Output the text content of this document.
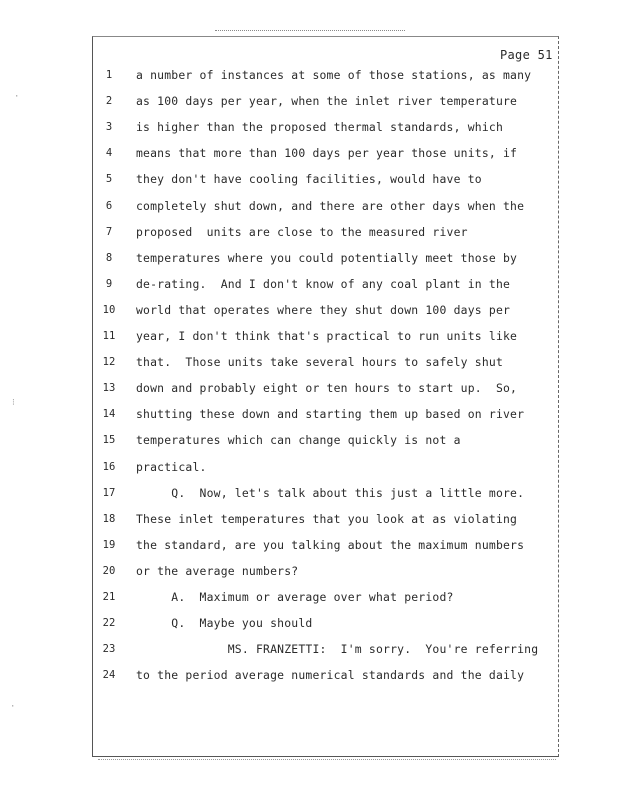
·
⁝
·
Page 51
1	a number of instances at some of those stations, as many
2	as 100 days per year, when the inlet river temperature
3	is higher than the proposed thermal standards, which
4	means that more than 100 days per year those units, if
5	they don't have cooling facilities, would have to
6	completely shut down, and there are other days when the
7	proposed  units are close to the measured river
8	temperatures where you could potentially meet those by
9	de-rating.  And I don't know of any coal plant in the
10	world that operates where they shut down 100 days per
11	year, I don't think that's practical to run units like
12	that.  Those units take several hours to safely shut
13	down and probably eight or ten hours to start up.  So,
14	shutting these down and starting them up based on river
15	temperatures which can change quickly is not a
16	practical.
17	Q.  Now, let's talk about this just a little more.
18	These inlet temperatures that you look at as violating
19	the standard, are you talking about the maximum numbers
20	or the average numbers?
21	A.  Maximum or average over what period?
22	Q.  Maybe you should
23	MS. FRANZETTI:  I'm sorry.  You're referring
24	to the period average numerical standards and the daily
